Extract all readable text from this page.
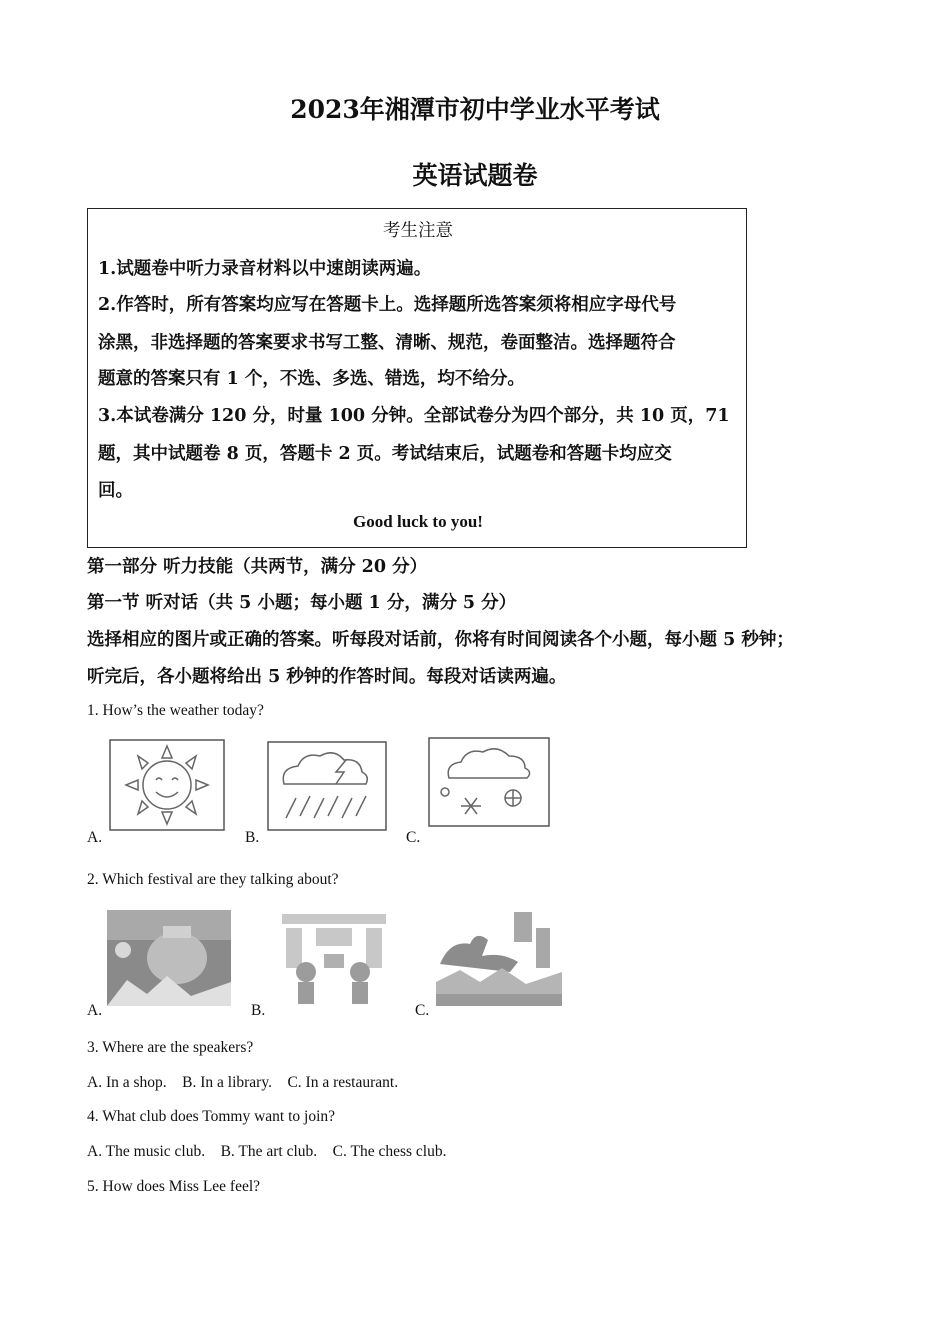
2023年湘潭市初中学业水平考试
英语试题卷
考生注意
1.试题卷中听力录音材料以中速朗读两遍。
2.作答时，所有答案均应写在答题卡上。选择题所选答案须将相应字母代号
涂黑，非选择题的答案要求书写工整、清晰、规范，卷面整洁。选择题符合
题意的答案只有 1 个，不选、多选、错选，均不给分。
3.本试卷满分 120 分，时量 100 分钟。全部试卷分为四个部分，共 10 页，71
题，其中试题卷 8 页，答题卡 2 页。考试结束后，试题卷和答题卡均应交
回。
Good luck to you!
第一部分 听力技能（共两节，满分 20 分）
第一节 听对话（共 5 小题；每小题 1 分，满分 5 分）
选择相应的图片或正确的答案。听每段对话前，你将有时间阅读各个小题，每小题 5 秒钟；
听完后，各小题将给出 5 秒钟的作答时间。每段对话读两遍。
1. How’s the weather today?
A.	B.	C.
2. Which festival are they talking about?
A.	B.	C.
3. Where are the speakers?
A. In a shop.    B. In a library.    C. In a restaurant.
4. What club does Tommy want to join?
A. The music club.    B. The art club.    C. The chess club.
5. How does Miss Lee feel?
